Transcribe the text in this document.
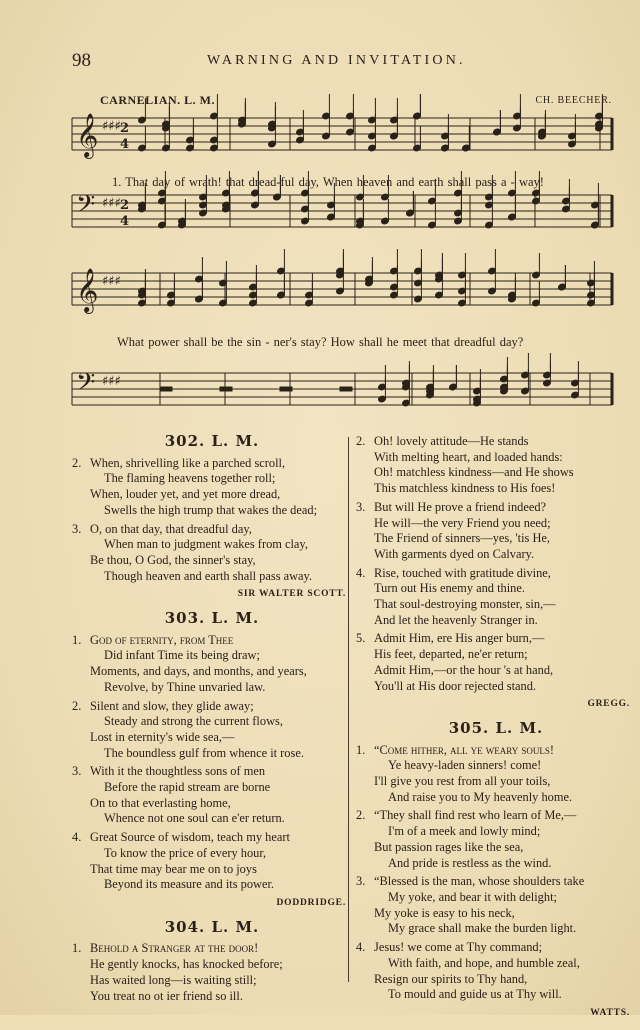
98	WARNING AND INVITATION.
CARNELIAN. L. M.	CH. BEECHER.
𝄞 ♯♯♯ 2
4
𝄢 ♯♯♯ 2
4
𝄞 ♯♯♯
𝄢 ♯♯♯
1. That day of wrath! that dread-ful day, When heaven and earth shall pass a - way!
What power shall be the sin - ner's stay? How shall he meet that dreadful day?
302. L. M.
2. When, shrivelling like a parched scroll,
The flaming heavens together roll;
When, louder yet, and yet more dread,
Swells the high trump that wakes the dead;
3. O, on that day, that dreadful day,
When man to judgment wakes from clay,
Be thou, O God, the sinner's stay,
Though heaven and earth shall pass away.
SIR WALTER SCOTT.
303. L. M.
1. God of eternity, from Thee
Did infant Time its being draw;
Moments, and days, and months, and years,
Revolve, by Thine unvaried law.
2. Silent and slow, they glide away;
Steady and strong the current flows,
Lost in eternity's wide sea,—
The boundless gulf from whence it rose.
3. With it the thoughtless sons of men
Before the rapid stream are borne
On to that everlasting home,
Whence not one soul can e'er return.
4. Great Source of wisdom, teach my heart
To know the price of every hour,
That time may bear me on to joys
Beyond its measure and its power.
DODDRIDGE.
304. L. M.
1. Behold a Stranger at the door!
He gently knocks, has knocked before;
Has waited long—is waiting still;
You treat no ot ier friend so ill.
2. Oh! lovely attitude—He stands
With melting heart, and loaded hands:
Oh! matchless kindness—and He shows
This matchless kindness to His foes!
3. But will He prove a friend indeed?
He will—the very Friend you need;
The Friend of sinners—yes, 'tis He,
With garments dyed on Calvary.
4. Rise, touched with gratitude divine,
Turn out His enemy and thine.
That soul-destroying monster, sin,—
And let the heavenly Stranger in.
5. Admit Him, ere His anger burn,—
His feet, departed, ne'er return;
Admit Him,—or the hour 's at hand,
You'll at His door rejected stand.
GREGG.
305. L. M.
1. “Come hither, all ye weary souls!
Ye heavy-laden sinners! come!
I'll give you rest from all your toils,
And raise you to My heavenly home.
2. “They shall find rest who learn of Me,—
I'm of a meek and lowly mind;
But passion rages like the sea,
And pride is restless as the wind.
3. “Blessed is the man, whose shoulders take
My yoke, and bear it with delight;
My yoke is easy to his neck,
My grace shall make the burden light.
4. Jesus! we come at Thy command;
With faith, and hope, and humble zeal,
Resign our spirits to Thy hand,
To mould and guide us at Thy will.
WATTS.
